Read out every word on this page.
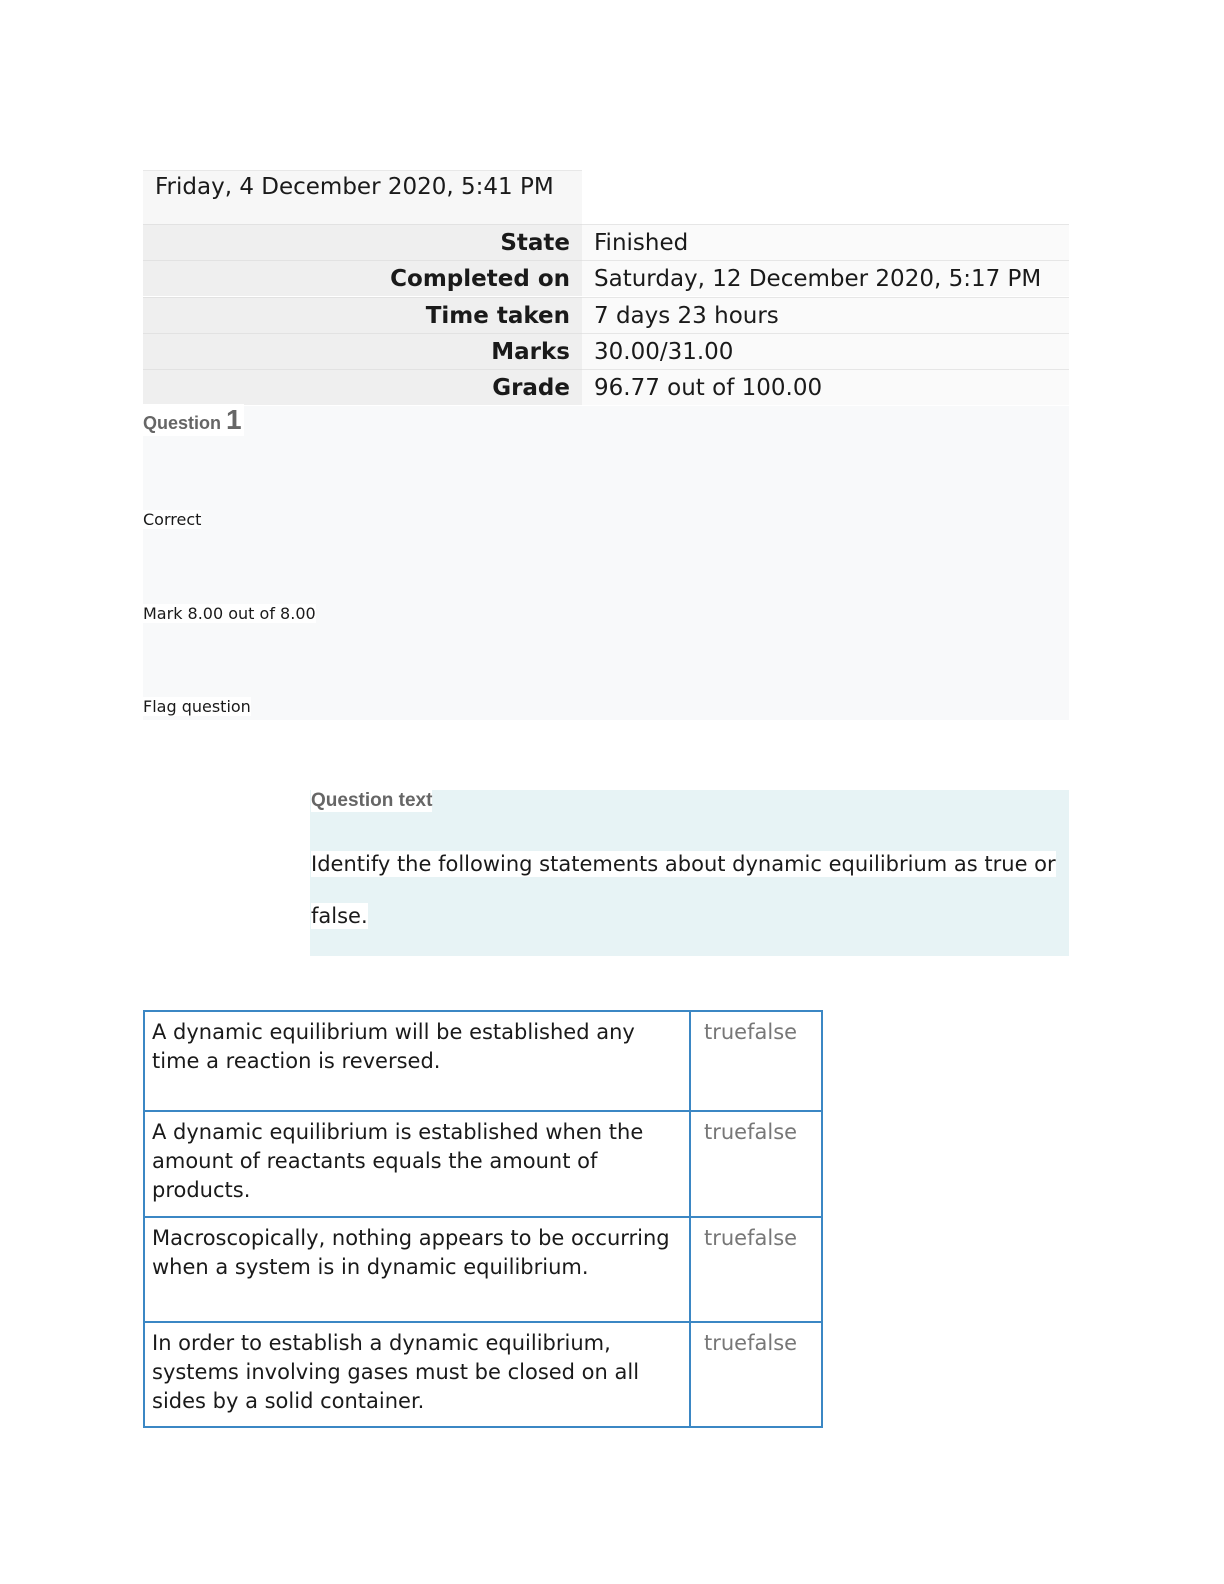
Friday, 4 December 2020, 5:41 PM
State	Finished
Completed on	Saturday, 12 December 2020, 5:17 PM
Time taken	7 days 23 hours
Marks	30.00/31.00
Grade	96.77 out of 100.00
Question 1
Correct
Mark 8.00 out of 8.00
Flag question
Question text
Identify the following statements about dynamic equilibrium as true or
false.
A dynamic equilibrium will be established any time a reaction is reversed.	truefalse
A dynamic equilibrium is established when the amount of reactants equals the amount of products.	truefalse
Macroscopically, nothing appears to be occurring when a system is in dynamic equilibrium.	truefalse
In order to establish a dynamic equilibrium, systems involving gases must be closed on all sides by a solid container.	truefalse
